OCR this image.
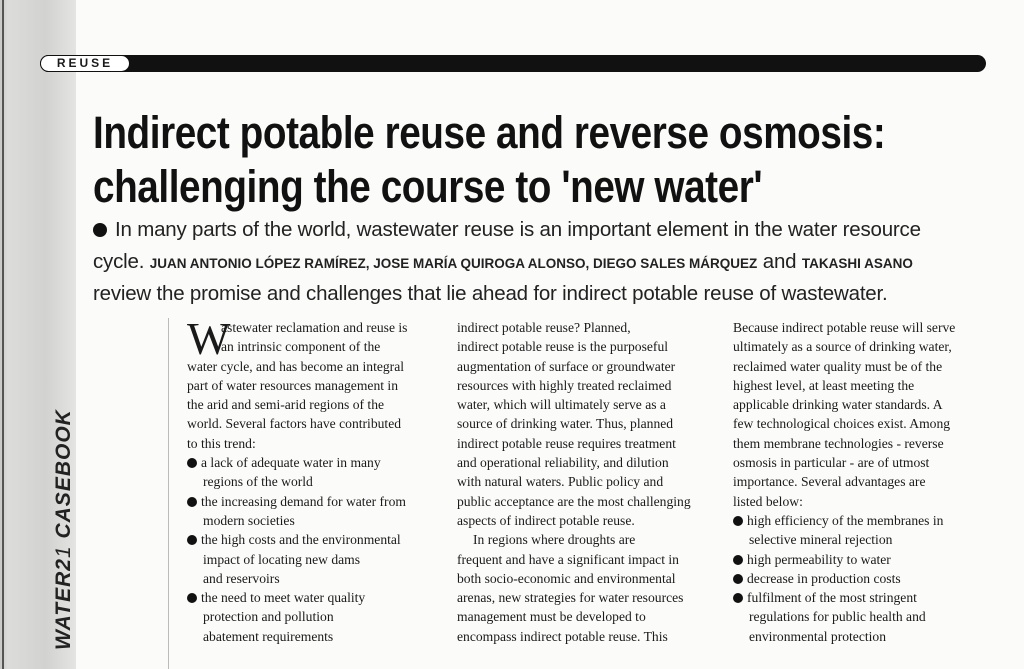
WATER21 CASEBOOK
REUSE
Indirect potable reuse and reverse osmosis:
challenging the course to 'new water'
In many parts of the world, wastewater reuse is an important element in the water resource
cycle. JUAN ANTONIO LÓPEZ RAMÍREZ, JOSE MARÍA QUIROGA ALONSO, DIEGO SALES MÁRQUEZ and TAKASHI ASANO
review the promise and challenges that lie ahead for indirect potable reuse of wastewater.
W
astewater reclamation and reuse is
an intrinsic component of the
water cycle, and has become an integral
part of water resources management in
the arid and semi-arid regions of the
world. Several factors have contributed
to this trend:
a lack of adequate water in many
regions of the world
the increasing demand for water from
modern societies
the high costs and the environmental
impact of locating new dams
and reservoirs
the need to meet water quality
protection and pollution
abatement requirements
indirect potable reuse? Planned,
indirect potable reuse is the purposeful
augmentation of surface or groundwater
resources with highly treated reclaimed
water, which will ultimately serve as a
source of drinking water. Thus, planned
indirect potable reuse requires treatment
and operational reliability, and dilution
with natural waters. Public policy and
public acceptance are the most challenging
aspects of indirect potable reuse.
In regions where droughts are
frequent and have a significant impact in
both socio-economic and environmental
arenas, new strategies for water resources
management must be developed to
encompass indirect potable reuse. This
Because indirect potable reuse will serve
ultimately as a source of drinking water,
reclaimed water quality must be of the
highest level, at least meeting the
applicable drinking water standards. A
few technological choices exist. Among
them membrane technologies - reverse
osmosis in particular - are of utmost
importance. Several advantages are
listed below:
high efficiency of the membranes in
selective mineral rejection
high permeability to water
decrease in production costs
fulfilment of the most stringent
regulations for public health and
environmental protection
